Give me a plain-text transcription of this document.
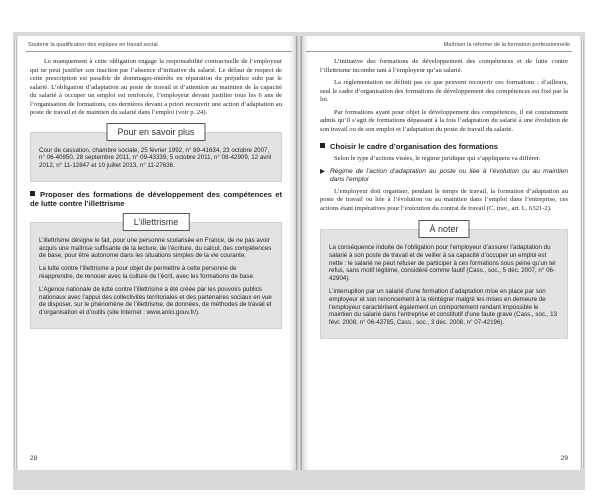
Soutenir la qualification des équipes en travail social

Le manquement à cette obligation engage la responsabilité contractuelle de l’employeur qui ne peut justifier son inaction par l’absence d’initiative du salarié. Le défaut de respect de cette prescription est passible de dommages-intérêts en réparation du préjudice subi par le salarié. L’obligation d’adaptation au poste de travail et d’attention au maintien de la capacité du salarié à occuper un emploi est renforcée, l’employeur devant justifier tous les 6 ans de l’organisation de formations, ces dernières devant a priori recouvrir une action d’adaptation au poste de travail et de maintien du salarié dans l’emploi (voir p. 24).

Pour en savoir plus

Cour de cassation, chambre sociale, 25 février 1992, n° 89-41634, 23 octobre 2007, n° 06-40950, 28 septembre 2011, n° 09-43339, 5 octobre 2011, n° 08-42909, 12 avril 2012, n° 11-12847 et 10 juillet 2013, n° 11-27636.

Proposer des formations de développement des compétences et de lutte contre l’illettrisme
L’illettrisme

L’illettrisme désigne le fait, pour une personne scolarisée en France, de ne pas avoir acquis une maîtrise suffisante de la lecture, de l’écriture, du calcul, des compétences de base, pour être autonome dans les situations simples de la vie courante.

La lutte contre l’illettrisme a pour objet de permettre à cette personne de réapprendre, de renouer avec la culture de l’écrit, avec les formations de base.

L’Agence nationale de lutte contre l’illettrisme a été créée par les pouvoirs publics nationaux avec l’appui des collectivités territoriales et des partenaires sociaux en vue de disposer, sur le phénomène de l’illettrisme, de données, de méthodes de travail et d’organisation et d’outils (site Internet : www.anlci.gouv.fr/).

28
Maîtriser la réforme de la formation professionnelle

L’initiative des formations de développement des compétences et de lutte contre l’illettrisme incombe tant à l’employeur qu’au salarié.

La réglementation ne définit pas ce que peuvent recouvrir ces formations ; d’ailleurs, seul le cadre d’organisation des formations de développement des compétences est fixé par la loi.

Par formations ayant pour objet le développement des compétences, il est couramment admis qu’il s’agit de formations dépassant à la fois l’adaptation du salarié à une évolution de son travail ou de son emploi et l’adaptation du poste de travail du salarié.

Choisir le cadre d’organisation des formations

Selon le type d’actions visées, le régime juridique qui s’appliquera va différer.

▶ Régime de l’action d’adaptation au poste ou liée à l’évolution ou au maintien dans l’emploi

L’employeur doit organiser, pendant le temps de travail, la formation d’adaptation au poste de travail ou liée à l’évolution ou au maintien dans l’emploi dans l’entreprise, ces actions étant impératives pour l’exécution du contrat de travail (C. trav., art. L. 6321-2).

À noter

La conséquence induite de l’obligation pour l’employeur d’assurer l’adaptation du salarié à son poste de travail et de veiller à sa capacité d’occuper un emploi est nette : le salarié ne peut refuser de participer à ces formations sous peine qu’un tel refus, sans motif légitime, considéré comme fautif (Cass., soc., 5 déc. 2007, n° 06-42904).

L’interruption par un salarié d’une formation d’adaptation mise en place par son employeur et son renoncement à la réintégrer malgré les mises en demeure de l’employeur caractérisent également un comportement rendant impossible le maintien du salarié dans l’entreprise et constitutif d’une faute grave (Cass., soc., 13 févr. 2008, n° 06-43785, Cass., soc., 3 déc. 2008, n° 07-42196).

29
